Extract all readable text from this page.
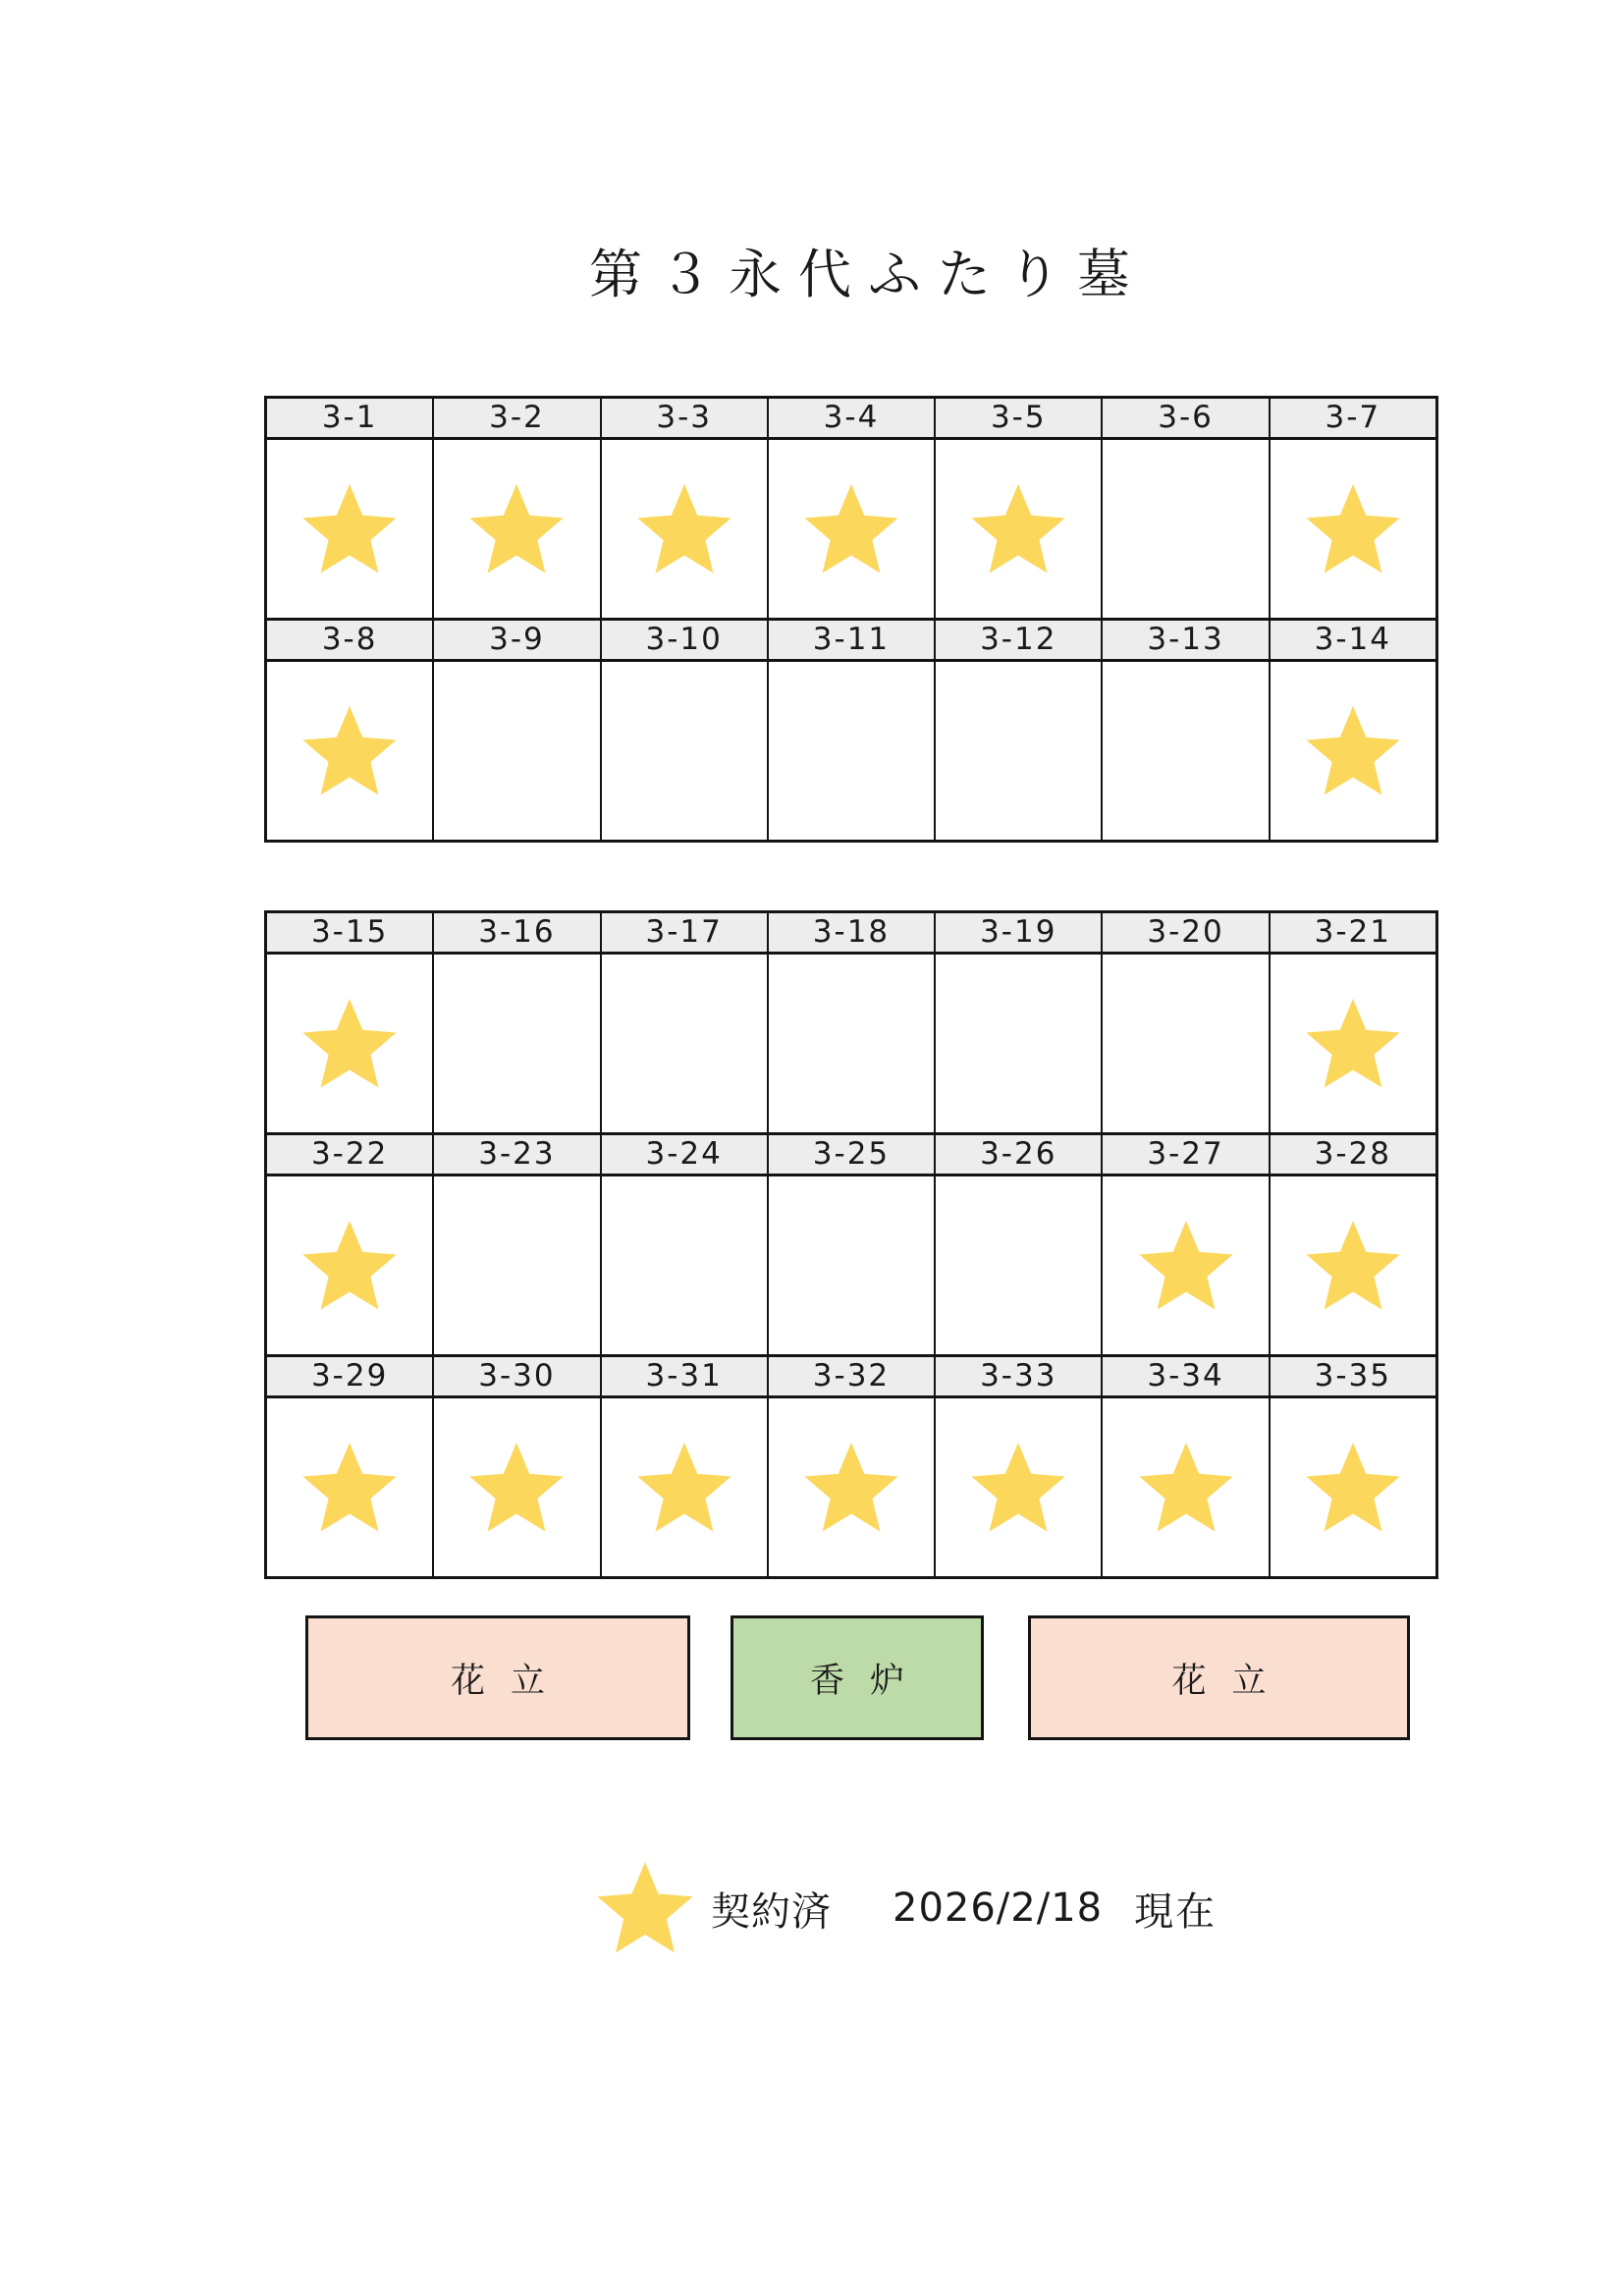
第３永代ふたり墓
3-1	3-2	3-3	3-4	3-5	3-6	3-7
3-8	3-9	3-10	3-11	3-12	3-13	3-14
3-15	3-16	3-17	3-18	3-19	3-20	3-21
3-22	3-23	3-24	3-25	3-26	3-27	3-28
3-29	3-30	3-31	3-32	3-33	3-34	3-35
花立	香炉	花立
契約済 2026/2/18 現在
